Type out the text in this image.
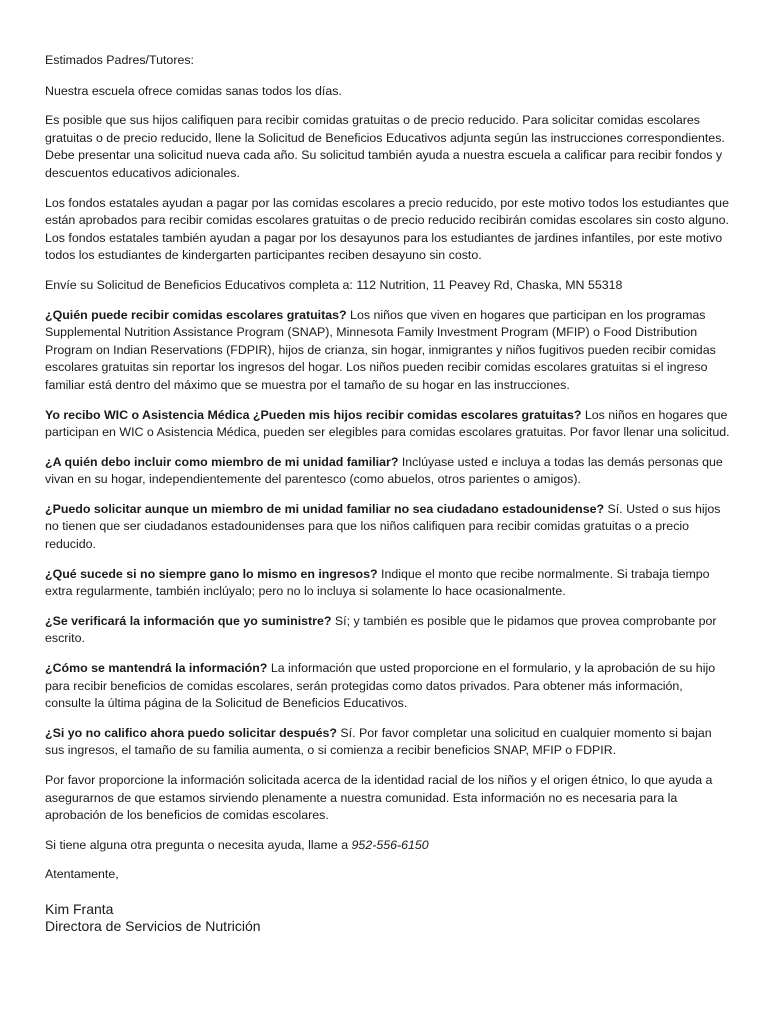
Estimados Padres/Tutores:

Nuestra escuela ofrece comidas sanas todos los días.

Es posible que sus hijos califiquen para recibir comidas gratuitas o de precio reducido. Para solicitar comidas escolares gratuitas o de precio reducido, llene la Solicitud de Beneficios Educativos adjunta según las instrucciones correspondientes. Debe presentar una solicitud nueva cada año. Su solicitud también ayuda a nuestra escuela a calificar para recibir fondos y descuentos educativos adicionales.

Los fondos estatales ayudan a pagar por las comidas escolares a precio reducido, por este motivo todos los estudiantes que están aprobados para recibir comidas escolares gratuitas o de precio reducido recibirán comidas escolares sin costo alguno. Los fondos estatales también ayudan a pagar por los desayunos para los estudiantes de jardines infantiles, por este motivo todos los estudiantes de kindergarten participantes reciben desayuno sin costo.

Envíe su Solicitud de Beneficios Educativos completa a: 112 Nutrition, 11 Peavey Rd, Chaska, MN 55318

¿Quién puede recibir comidas escolares gratuitas? Los niños que viven en hogares que participan en los programas Supplemental Nutrition Assistance Program (SNAP), Minnesota Family Investment Program (MFIP) o Food Distribution Program on Indian Reservations (FDPIR), hijos de crianza, sin hogar, inmigrantes y niños fugitivos pueden recibir comidas escolares gratuitas sin reportar los ingresos del hogar. Los niños pueden recibir comidas escolares gratuitas si el ingreso familiar está dentro del máximo que se muestra por el tamaño de su hogar en las instrucciones.

Yo recibo WIC o Asistencia Médica ¿Pueden mis hijos recibir comidas escolares gratuitas? Los niños en hogares que participan en WIC o Asistencia Médica, pueden ser elegibles para comidas escolares gratuitas. Por favor llenar una solicitud.

¿A quién debo incluir como miembro de mi unidad familiar? Inclúyase usted e incluya a todas las demás personas que vivan en su hogar, independientemente del parentesco (como abuelos, otros parientes o amigos).

¿Puedo solicitar aunque un miembro de mi unidad familiar no sea ciudadano estadounidense? Sí. Usted o sus hijos no tienen que ser ciudadanos estadounidenses para que los niños califiquen para recibir comidas gratuitas o a precio reducido.

¿Qué sucede si no siempre gano lo mismo en ingresos? Indique el monto que recibe normalmente. Si trabaja tiempo extra regularmente, también inclúyalo; pero no lo incluya si solamente lo hace ocasionalmente.

¿Se verificará la información que yo suministre? Sí; y también es posible que le pidamos que provea comprobante por escrito.

¿Cómo se mantendrá la información? La información que usted proporcione en el formulario, y la aprobación de su hijo para recibir beneficios de comidas escolares, serán protegidas como datos privados. Para obtener más información, consulte la última página de la Solicitud de Beneficios Educativos.

¿Si yo no califico ahora puedo solicitar después? Sí. Por favor completar una solicitud en cualquier momento si bajan sus ingresos, el tamaño de su familia aumenta, o si comienza a recibir beneficios SNAP, MFIP o FDPIR.

Por favor proporcione la información solicitada acerca de la identidad racial de los niños y el origen étnico, lo que ayuda a asegurarnos de que estamos sirviendo plenamente a nuestra comunidad. Esta información no es necesaria para la aprobación de los beneficios de comidas escolares.

Si tiene alguna otra pregunta o necesita ayuda, llame a 952-556-6150

Atentamente,

Kim Franta

Directora de Servicios de Nutrición
